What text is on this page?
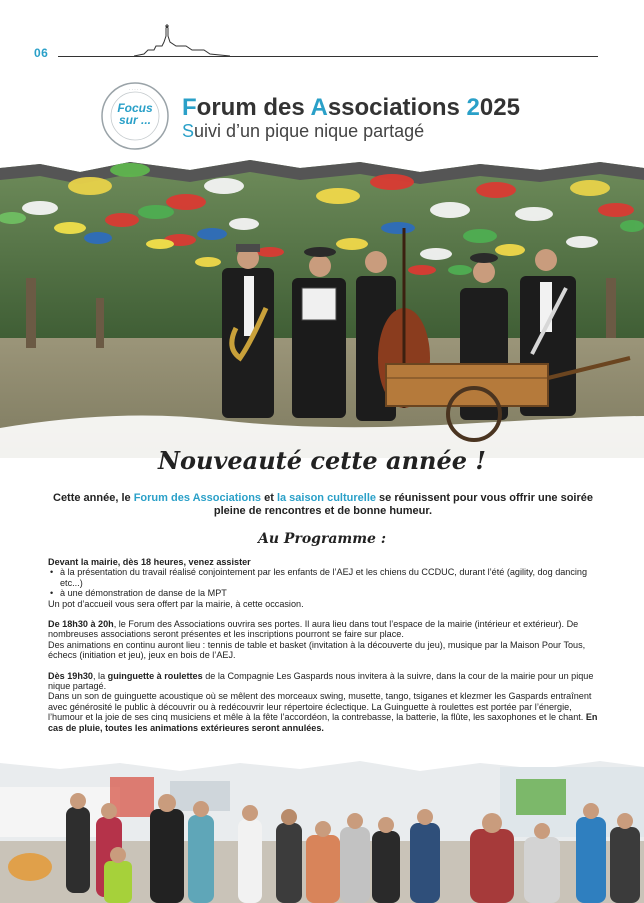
06
· · · · ·
Focus
sur ...	Forum des Associations 2025
Suivi d’un pique nique partagé
Nouveauté cette année !
Cette année, le Forum des Associations et la saison culturelle se réunissent pour vous offrir une soirée pleine de rencontres et de bonne humeur.
Au Programme :

Devant la mairie, dès 18 heures, venez assister

• à la présentation du travail réalisé conjointement par les enfants de l’AEJ et les chiens du CCDUC, durant l’été (agility, dog dancing etc...)
• à une démonstration de danse de la MPT

Un pot d’accueil vous sera offert par la mairie, à cette occasion.

De 18h30 à 20h, le Forum des Associations ouvrira ses portes. Il aura lieu dans tout l’espace de la mairie (intérieur et extérieur). De nombreuses associations seront présentes et les inscriptions pourront se faire sur place.

Des animations en continu auront lieu : tennis de table et basket (invitation à la découverte du jeu), musique par la Maison Pour Tous, échecs (initiation et jeu), jeux en bois de l’AEJ.

Dès 19h30, la guinguette à roulettes de la Compagnie Les Gaspards nous invitera à la suivre, dans la cour de la mairie pour un pique nique partagé.

Dans un son de guinguette acoustique où se mêlent des morceaux swing, musette, tango, tsiganes et klezmer les Gaspards entraînent avec générosité le public à découvrir ou à redécouvrir leur répertoire éclectique. La Guinguette à roulettes est portée par l’énergie, l’humour et la joie de ses cinq musiciens et mêle à la fête l’accordéon, la contrebasse, la batterie, la flûte, les saxophones et le chant. En cas de pluie, toutes les animations extérieures seront annulées.
